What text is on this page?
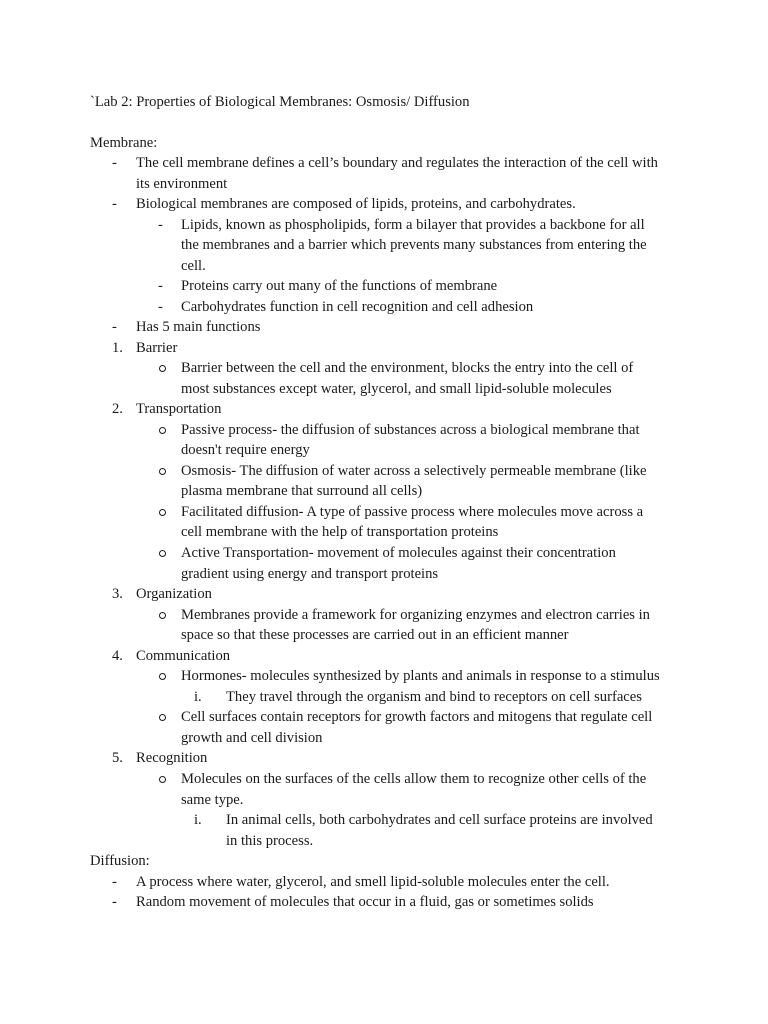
`Lab 2: Properties of Biological Membranes: Osmosis/ Diffusion
Membrane:
- The cell membrane defines a cell’s boundary and regulates the interaction of the cell with
its environment
- Biological membranes are composed of lipids, proteins, and carbohydrates.
- Lipids, known as phospholipids, form a bilayer that provides a backbone for all
the membranes and a barrier which prevents many substances from entering the
cell.
- Proteins carry out many of the functions of membrane
- Carbohydrates function in cell recognition and cell adhesion
- Has 5 main functions
1. Barrier
Barrier between the cell and the environment, blocks the entry into the cell of
most substances except water, glycerol, and small lipid-soluble molecules
2. Transportation
Passive process- the diffusion of substances across a biological membrane that
doesn't require energy
Osmosis- The diffusion of water across a selectively permeable membrane (like
plasma membrane that surround all cells)
Facilitated diffusion- A type of passive process where molecules move across a
cell membrane with the help of transportation proteins
Active Transportation- movement of molecules against their concentration
gradient using energy and transport proteins
3. Organization
Membranes provide a framework for organizing enzymes and electron carries in
space so that these processes are carried out in an efficient manner
4. Communication
Hormones- molecules synthesized by plants and animals in response to a stimulus
i. They travel through the organism and bind to receptors on cell surfaces
Cell surfaces contain receptors for growth factors and mitogens that regulate cell
growth and cell division
5. Recognition
Molecules on the surfaces of the cells allow them to recognize other cells of the
same type.
i. In animal cells, both carbohydrates and cell surface proteins are involved
in this process.
Diffusion:
- A process where water, glycerol, and smell lipid-soluble molecules enter the cell.
- Random movement of molecules that occur in a fluid, gas or sometimes solids
